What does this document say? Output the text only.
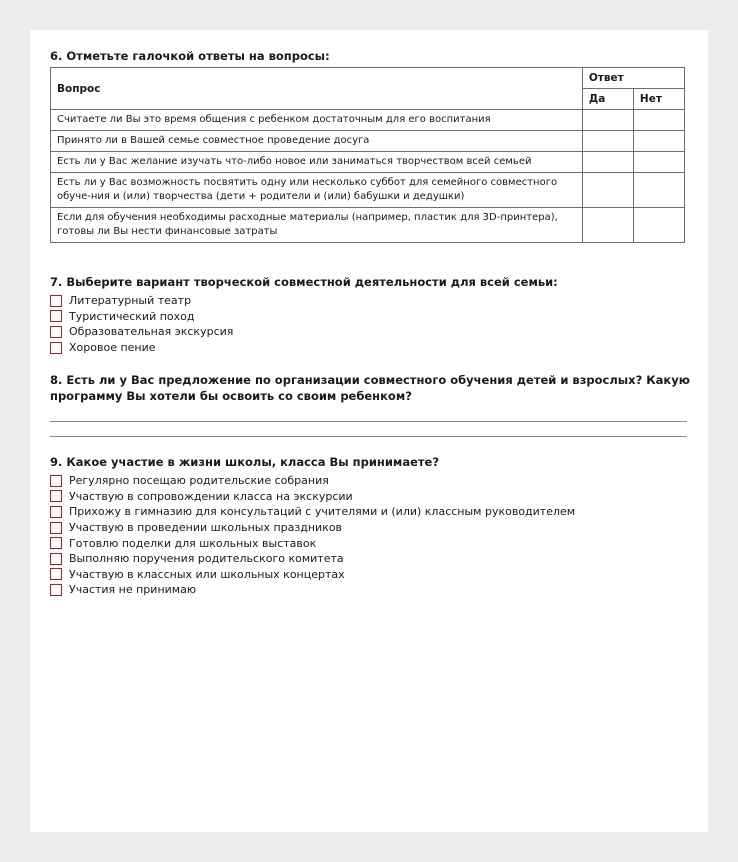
6. Отметьте галочкой ответы на вопросы:
Вопрос	Ответ	
	Да	Нет
Считаете ли Вы это время общения с ребенком достаточным для его воспитания		
Принято ли в Вашей семье совместное проведение досуга		
Есть ли у Вас желание изучать что-либо новое или заниматься творчеством всей семьей		
Есть ли у Вас возможность посвятить одну или несколько суббот для семейного совместного обуче-ния и (или) творчества (дети + родители и (или) бабушки и дедушки)		
Если для обучения необходимы расходные материалы (например, пластик для 3D-принтера), готовы ли Вы нести финансовые затраты		
7. Выберите вариант творческой совместной деятельности для всей семьи:
Литературный театр
Туристический поход
Образовательная экскурсия
Хоровое пение
8. Есть ли у Вас предложение по организации совместного обучения детей и взрослых? Какую программу Вы хотели бы освоить со своим ребенком?
9. Какое участие в жизни школы, класса Вы принимаете?
Регулярно посещаю родительские собрания
Участвую в сопровождении класса на экскурсии
Прихожу в гимназию для консультаций с учителями и (или) классным руководителем
Участвую в проведении школьных праздников
Готовлю поделки для школьных выставок
Выполняю поручения родительского комитета
Участвую в классных или школьных концертах
Участия не принимаю
